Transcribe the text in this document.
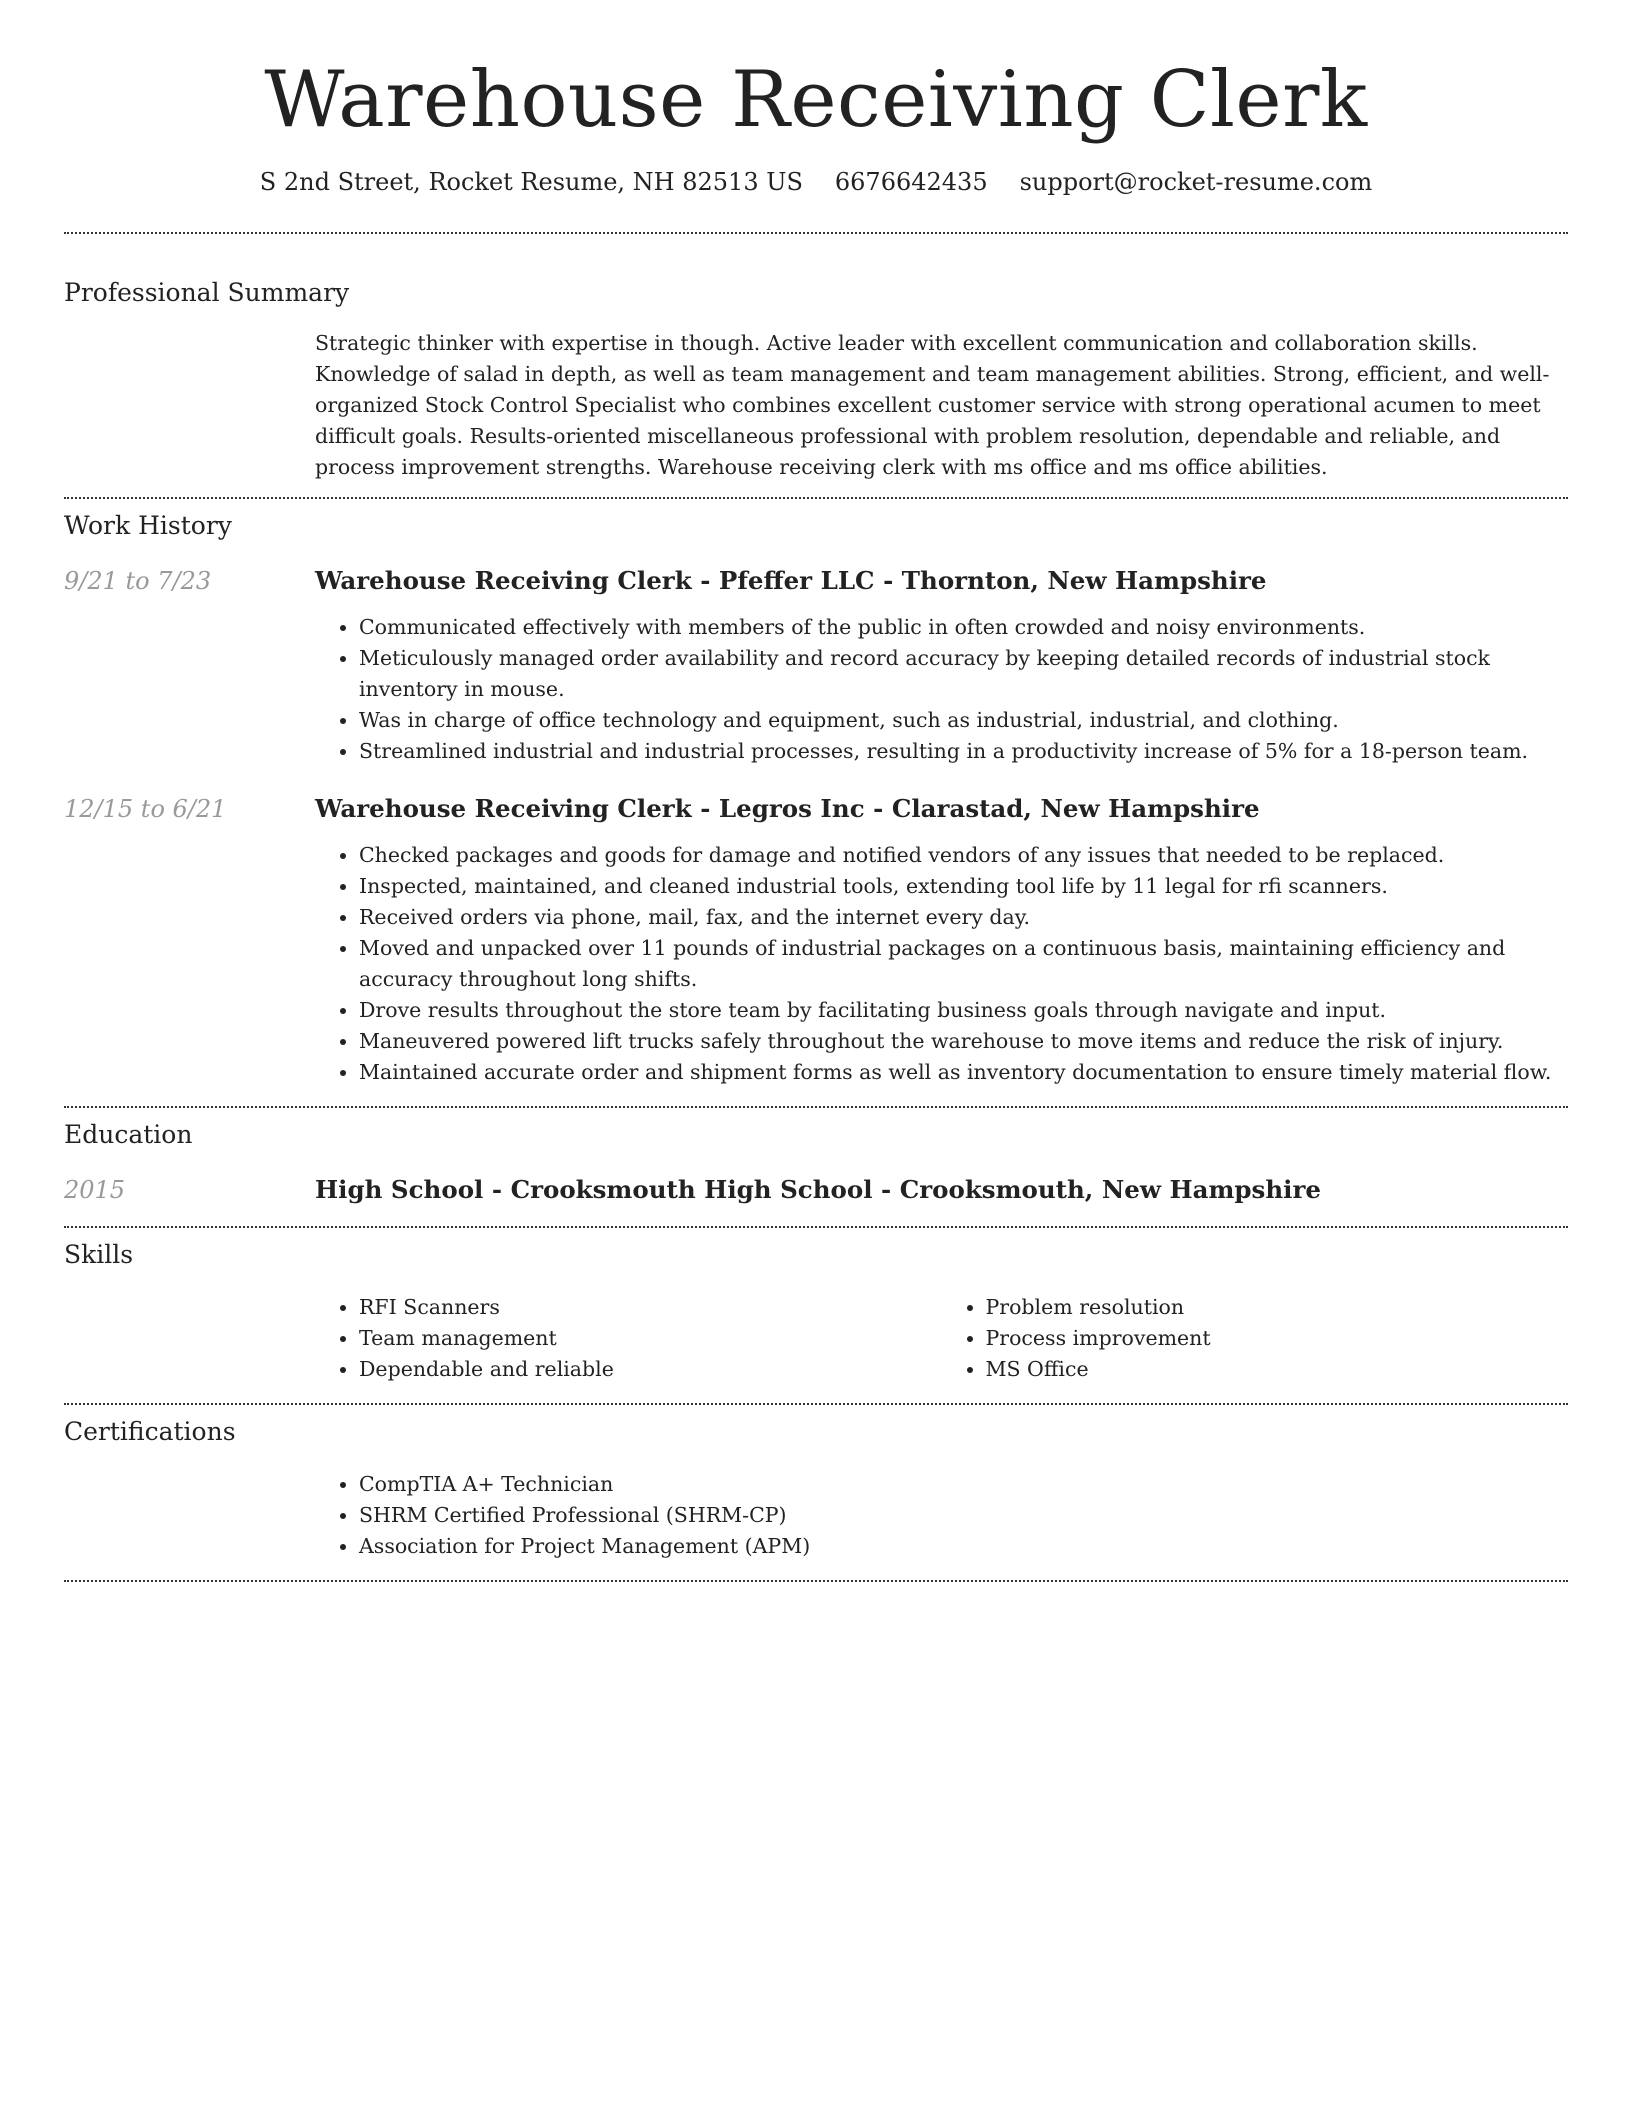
Warehouse Receiving Clerk
S 2nd Street, Rocket Resume, NH 82513 US 6676642435 support@rocket-resume.com
Professional Summary

Strategic thinker with expertise in though. Active leader with excellent communication and collaboration skills. Knowledge of salad in depth, as well as team management and team management abilities. Strong, efficient, and well-organized Stock Control Specialist who combines excellent customer service with strong operational acumen to meet difficult goals. Results-oriented miscellaneous professional with problem resolution, dependable and reliable, and process improvement strengths. Warehouse receiving clerk with ms office and ms office abilities.

Work History
9/21 to 7/23	Warehouse Receiving Clerk - Pfeffer LLC - Thornton, New Hampshire
• Communicated effectively with members of the public in often crowded and noisy environments.
• Meticulously managed order availability and record accuracy by keeping detailed records of industrial stock inventory in mouse.
• Was in charge of office technology and equipment, such as industrial, industrial, and clothing.
• Streamlined industrial and industrial processes, resulting in a productivity increase of 5% for a 18-person team.
12/15 to 6/21	Warehouse Receiving Clerk - Legros Inc - Clarastad, New Hampshire
• Checked packages and goods for damage and notified vendors of any issues that needed to be replaced.
• Inspected, maintained, and cleaned industrial tools, extending tool life by 11 legal for rfi scanners.
• Received orders via phone, mail, fax, and the internet every day.
• Moved and unpacked over 11 pounds of industrial packages on a continuous basis, maintaining efficiency and accuracy throughout long shifts.
• Drove results throughout the store team by facilitating business goals through navigate and input.
• Maneuvered powered lift trucks safely throughout the warehouse to move items and reduce the risk of injury.
• Maintained accurate order and shipment forms as well as inventory documentation to ensure timely material flow.
Education
2015	High School - Crooksmouth High School - Crooksmouth, New Hampshire
Skills
• RFI Scanners
• Team management
• Dependable and reliable
• Problem resolution
• Process improvement
• MS Office
Certifications
• CompTIA A+ Technician
• SHRM Certified Professional (SHRM-CP)
• Association for Project Management (APM)
